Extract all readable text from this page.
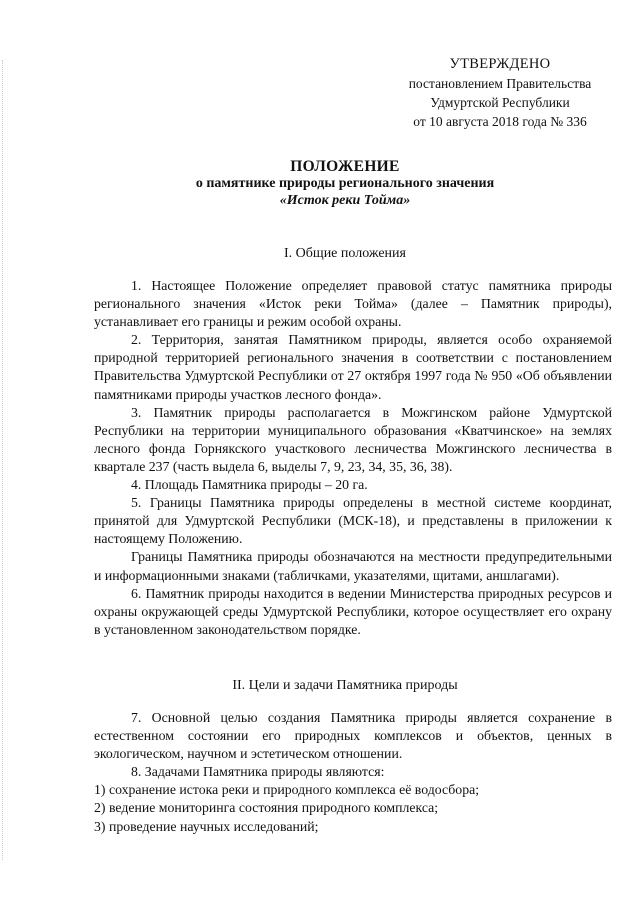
УТВЕРЖДЕНО
постановлением Правительства
Удмуртской Республики
от 10 августа 2018 года № 336
ПОЛОЖЕНИЕ
о памятнике природы регионального значения
«Исток реки Тойма»
I. Общие положения

1. Настоящее Положение определяет правовой статус памятника природы регионального значения «Исток реки Тойма» (далее – Памятник природы), устанавливает его границы и режим особой охраны.

2. Территория, занятая Памятником природы, является особо охраняемой природной территорией регионального значения в соответствии с постановлением Правительства Удмуртской Республики от 27 октября 1997 года № 950 «Об объявлении памятниками природы участков лесного фонда».

3. Памятник природы располагается в Можгинском районе Удмуртской Республики на территории муниципального образования «Кватчинское» на землях лесного фонда Горнякского участкового лесничества Можгинского лесничества в квартале 237 (часть выдела 6, выделы 7, 9, 23, 34, 35, 36, 38).

4. Площадь Памятника природы – 20 га.

5. Границы Памятника природы определены в местной системе координат, принятой для Удмуртской Республики (МСК-18), и представлены в приложении к настоящему Положению.

Границы Памятника природы обозначаются на местности предупредительными и информационными знаками (табличками, указателями, щитами, аншлагами).

6. Памятник природы находится в ведении Министерства природных ресурсов и охраны окружающей среды Удмуртской Республики, которое осуществляет его охрану в установленном законодательством порядке.

II. Цели и задачи Памятника природы

7. Основной целью создания Памятника природы является сохранение в естественном состоянии его природных комплексов и объектов, ценных в экологическом, научном и эстетическом отношении.

8. Задачами Памятника природы являются:

1) сохранение истока реки и природного комплекса её водосбора;

2) ведение мониторинга состояния природного комплекса;

3) проведение научных исследований;
